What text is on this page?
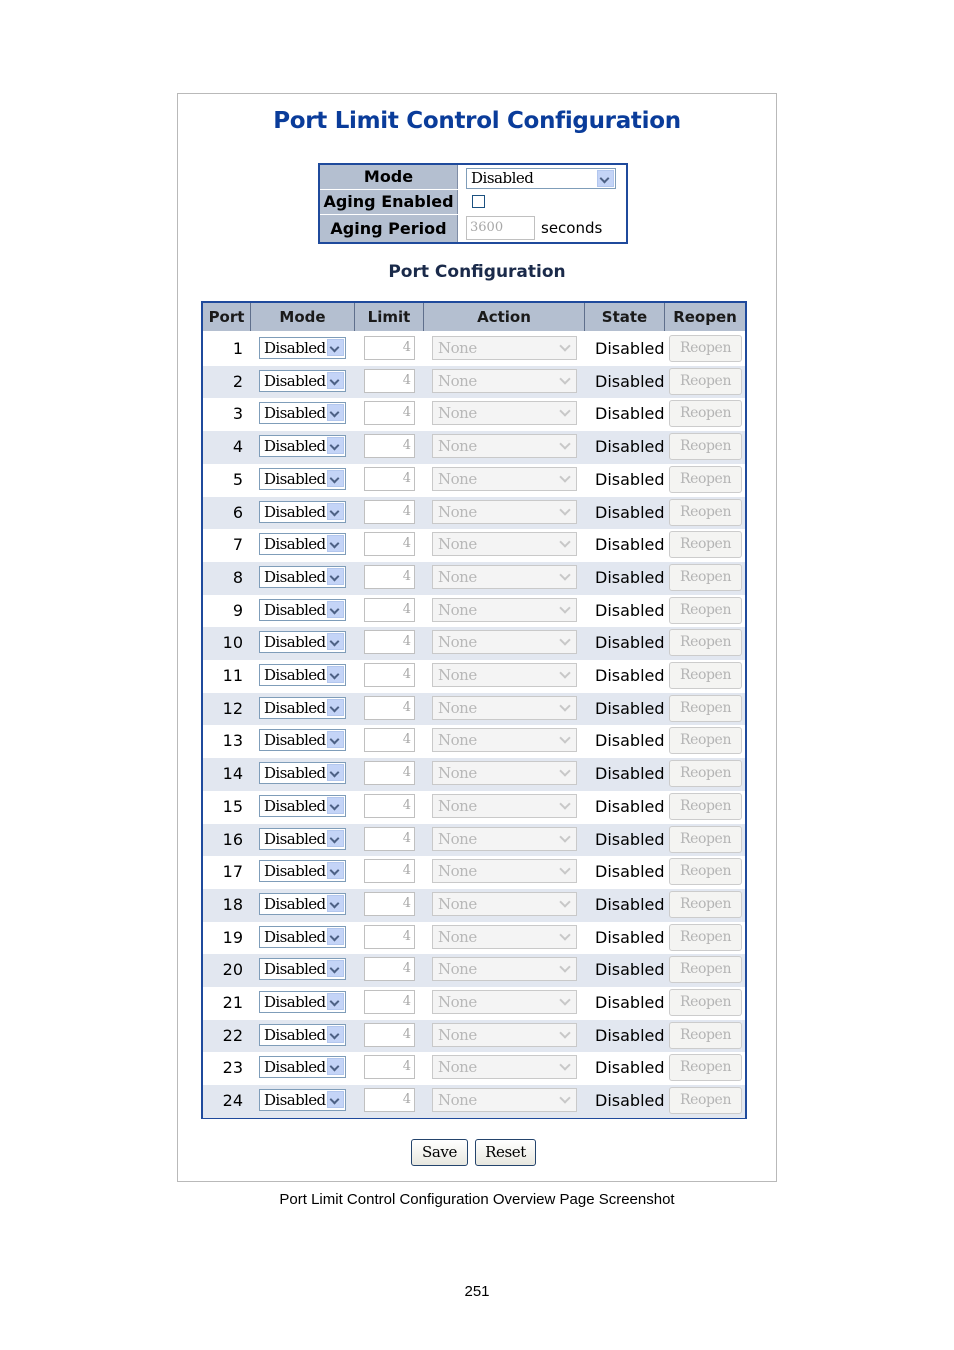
Port Limit Control Configuration
Mode	Disabled
Aging Enabled
Aging Period	3600	seconds
Port Configuration
Port	Mode	Limit	Action	State	Reopen
1	Disabled	4	None	Disabled	Reopen
2	Disabled	4	None	Disabled	Reopen
3	Disabled	4	None	Disabled	Reopen
4	Disabled	4	None	Disabled	Reopen
5	Disabled	4	None	Disabled	Reopen
6	Disabled	4	None	Disabled	Reopen
7	Disabled	4	None	Disabled	Reopen
8	Disabled	4	None	Disabled	Reopen
9	Disabled	4	None	Disabled	Reopen
10	Disabled	4	None	Disabled	Reopen
11	Disabled	4	None	Disabled	Reopen
12	Disabled	4	None	Disabled	Reopen
13	Disabled	4	None	Disabled	Reopen
14	Disabled	4	None	Disabled	Reopen
15	Disabled	4	None	Disabled	Reopen
16	Disabled	4	None	Disabled	Reopen
17	Disabled	4	None	Disabled	Reopen
18	Disabled	4	None	Disabled	Reopen
19	Disabled	4	None	Disabled	Reopen
20	Disabled	4	None	Disabled	Reopen
21	Disabled	4	None	Disabled	Reopen
22	Disabled	4	None	Disabled	Reopen
23	Disabled	4	None	Disabled	Reopen
24	Disabled	4	None	Disabled	Reopen
Save	Reset
Port Limit Control Configuration Overview Page Screenshot
251
